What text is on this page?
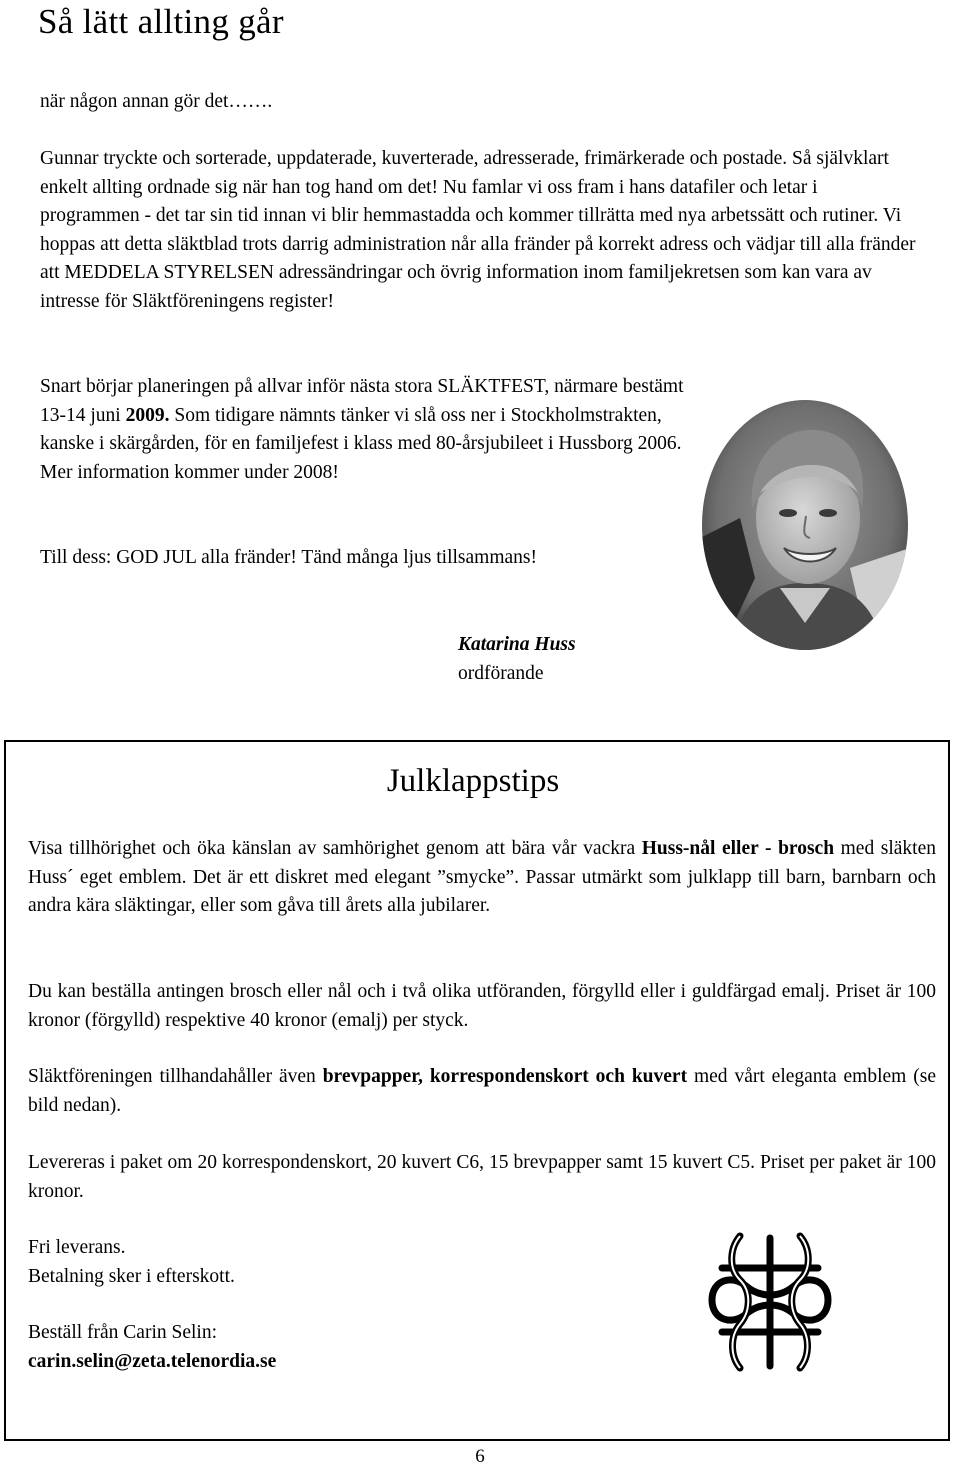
Så lätt allting går
när någon annan gör det…….
Gunnar tryckte och sorterade, uppdaterade, kuverterade, adresserade, frimärkerade och postade. Så självklart enkelt allting ordnade sig när han tog hand om det! Nu famlar vi oss fram i hans datafiler och letar i programmen - det tar sin tid innan vi blir hemmastadda och kommer tillrätta med nya arbetssätt och rutiner. Vi hoppas att detta släktblad trots darrig administration når alla fränder på korrekt adress och vädjar till alla fränder att MEDDELA STYRELSEN adressändringar och övrig information inom familjekretsen som kan vara av intresse för Släktföreningens register!
Snart börjar planeringen på allvar inför nästa stora SLÄKTFEST, närmare bestämt 13-14 juni 2009. Som tidigare nämnts tänker vi slå oss ner i Stockholmstrakten, kanske i skärgården, för en familjefest i klass med 80-årsjubileet i Hussborg 2006. Mer information kommer under 2008!
Till dess: GOD JUL alla fränder! Tänd många ljus tillsammans!
Katarina Huss
ordförande
Julklappstips
Visa tillhörighet och öka känslan av samhörighet genom att bära vår vackra Huss-nål eller - brosch med släkten Huss´ eget emblem. Det är ett diskret med elegant ”smycke”. Passar utmärkt som julklapp till barn, barnbarn och andra kära släktingar, eller som gåva till årets alla jubilarer.
Du kan beställa antingen brosch eller nål och i två olika utföranden, förgylld eller i guldfärgad emalj. Priset är 100 kronor (förgylld) respektive 40 kronor (emalj) per styck.
Släktföreningen tillhandahåller även brevpapper, korrespondenskort och kuvert med vårt eleganta emblem (se bild nedan).
Levereras i paket om 20 korrespondenskort, 20 kuvert C6, 15 brevpapper samt 15 kuvert C5. Priset per paket är 100 kronor.
Fri leverans.
Betalning sker i efterskott.
Beställ från Carin Selin:
carin.selin@zeta.telenordia.se
6
